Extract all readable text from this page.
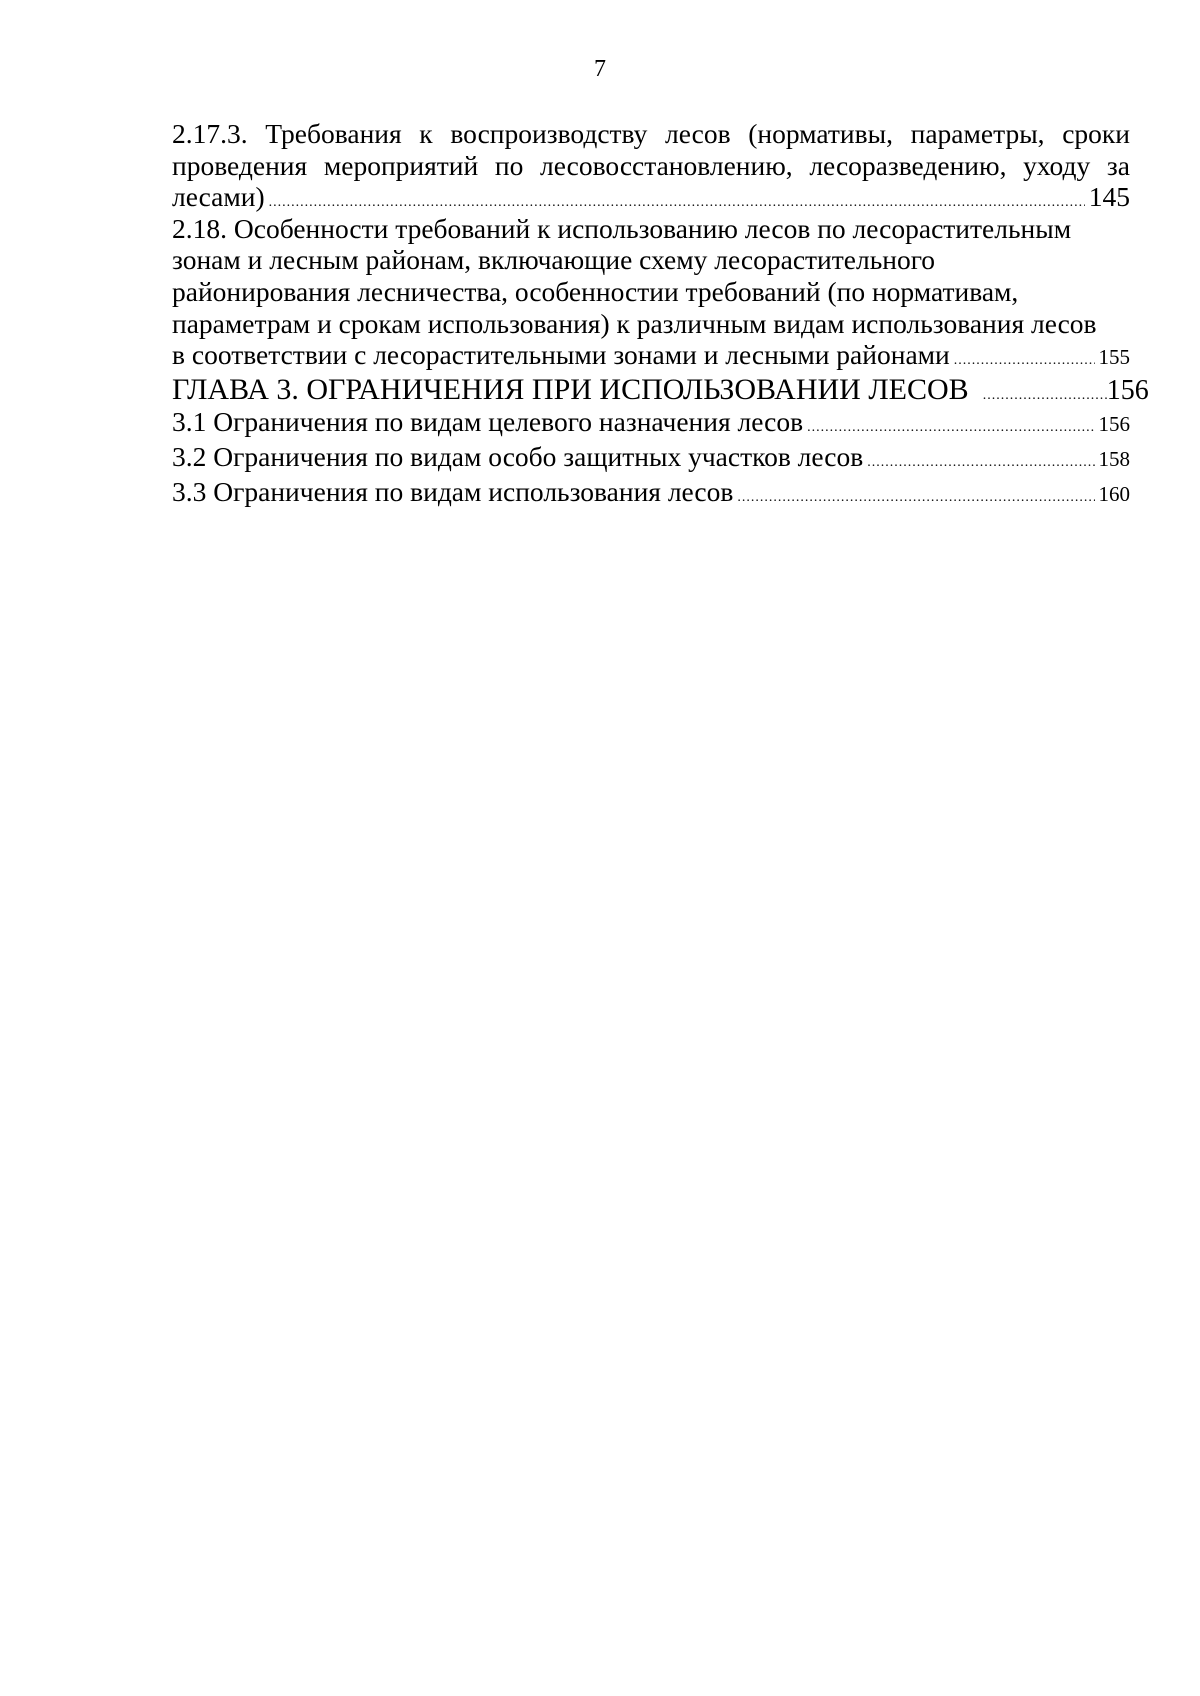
7
2.17.3. Требования к воспроизводству лесов (нормативы, параметры, сроки
проведения мероприятий по лесовосстановлению, лесоразведению, уходу за
лесами) .....	145
2.18. Особенности требований к использованию лесов по лесорастительным
зонам и лесным районам, включающие схему лесорастительного
районирования лесничества, особенностии требований (по нормативам,
параметрам и срокам использования) к различным видам использования лесов
в соответствии с лесорастительными зонами и лесными районами .....	155
ГЛАВА 3. ОГРАНИЧЕНИЯ ПРИ ИСПОЛЬЗОВАНИИ ЛЕСОВ .....	156
3.1 Ограничения по видам целевого назначения лесов .....	156
3.2 Ограничения по видам особо защитных участков лесов .....	158
3.3 Ограничения по видам использования лесов .....	160
